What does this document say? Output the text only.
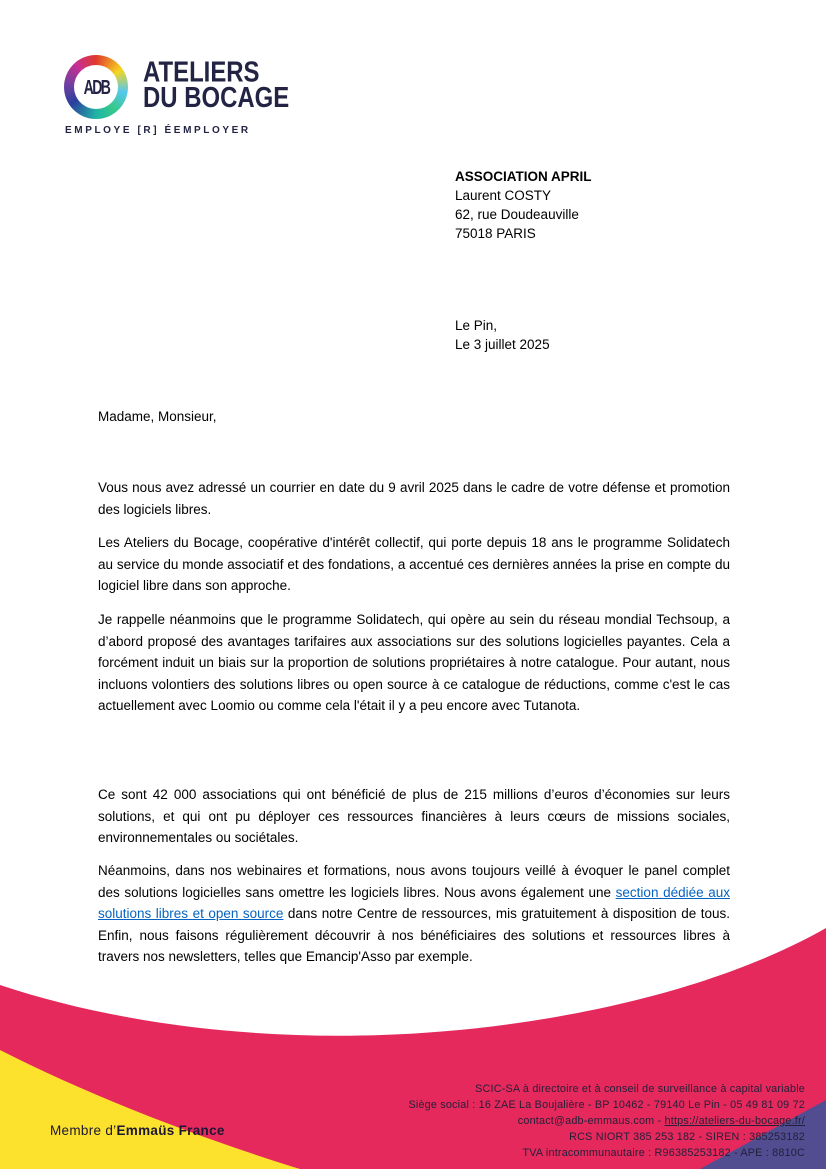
ADB ATELIERS
DU BOCAGE
EMPLOYE [R] ÉEMPLOYER
ASSOCIATION APRIL
Laurent COSTY
62, rue Doudeauville
75018 PARIS
Le Pin,
Le 3 juillet 2025
Madame, Monsieur,

Vous nous avez adressé un courrier en date du 9 avril 2025 dans le cadre de votre défense et promotion des logiciels libres.

Les Ateliers du Bocage, coopérative d'intérêt collectif, qui porte depuis 18 ans le programme Solidatech au service du monde associatif et des fondations, a accentué ces dernières années la prise en compte du logiciel libre dans son approche.

Je rappelle néanmoins que le programme Solidatech, qui opère au sein du réseau mondial Techsoup, a d’abord proposé des avantages tarifaires aux associations sur des solutions logicielles payantes. Cela a forcément induit un biais sur la proportion de solutions propriétaires à notre catalogue. Pour autant, nous incluons volontiers des solutions libres ou open source à ce catalogue de réductions, comme c'est le cas actuellement avec Loomio ou comme cela l'était il y a peu encore avec Tutanota.

Ce sont 42 000 associations qui ont bénéficié de plus de 215 millions d’euros d’économies sur leurs solutions, et qui ont pu déployer ces ressources financières à leurs cœurs de missions sociales, environnementales ou sociétales.

Néanmoins, dans nos webinaires et formations, nous avons toujours veillé à évoquer le panel complet des solutions logicielles sans omettre les logiciels libres. Nous avons également une section dédiée aux solutions libres et open source dans notre Centre de ressources, mis gratuitement à disposition de tous. Enfin, nous faisons régulièrement découvrir à nos bénéficiaires des solutions et ressources libres à travers nos newsletters, telles que Emancip'Asso par exemple.

Membre d’Emmaüs France
SCIC-SA à directoire et à conseil de surveillance à capital variable
Siège social : 16 ZAE La Boujalière - BP 10462 - 79140 Le Pin - 05 49 81 09 72
contact@adb-emmaus.com - https://ateliers-du-bocage.fr/
RCS NIORT 385 253 182 - SIREN : 385253182
TVA intracommunautaire : R96385253182 - APE : 8810C
